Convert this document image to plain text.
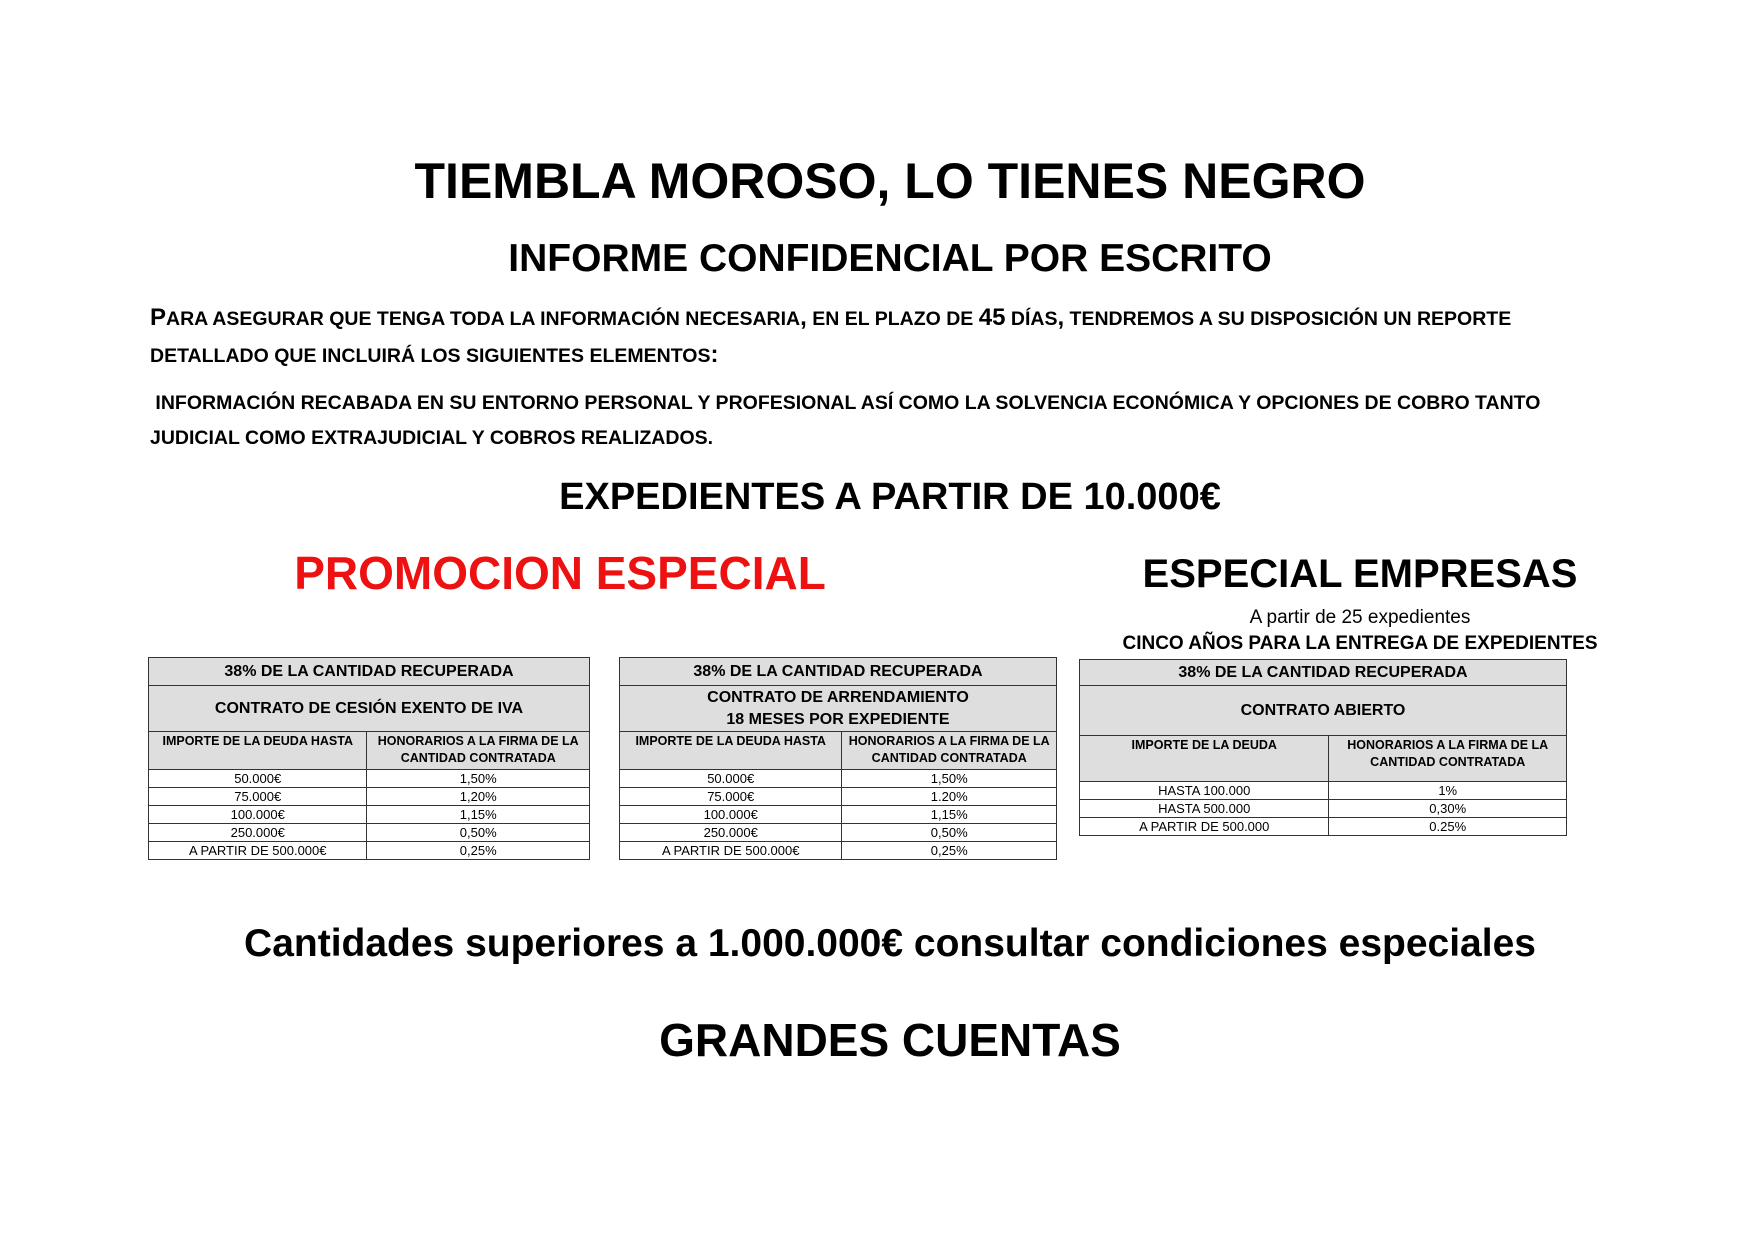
TIEMBLA MOROSO, LO TIENES NEGRO
INFORME CONFIDENCIAL POR ESCRITO
PARA ASEGURAR QUE TENGA TODA LA INFORMACIÓN NECESARIA, EN EL PLAZO DE 45 DÍAS, TENDREMOS A SU DISPOSICIÓN UN REPORTE DETALLADO QUE INCLUIRÁ LOS SIGUIENTES ELEMENTOS:
INFORMACIÓN RECABADA EN SU ENTORNO PERSONAL Y PROFESIONAL ASÍ COMO LA SOLVENCIA ECONÓMICA Y OPCIONES DE COBRO TANTO JUDICIAL COMO EXTRAJUDICIAL Y COBROS REALIZADOS.
EXPEDIENTES A PARTIR DE 10.000€
PROMOCION ESPECIAL	ESPECIAL EMPRESAS
A partir de 25 expedientes
CINCO AÑOS PARA LA ENTREGA DE EXPEDIENTES
38% DE LA CANTIDAD RECUPERADA	
CONTRATO DE CESIÓN EXENTO DE IVA	
IMPORTE DE LA DEUDA HASTA	HONORARIOS A LA FIRMA DE LA CANTIDAD CONTRATADA
50.000€	1,50%
75.000€	1,20%
100.000€	1,15%
250.000€	0,50%
A PARTIR DE 500.000€	0,25%
38% DE LA CANTIDAD RECUPERADA	
CONTRATO DE ARRENDAMIENTO
18 MESES POR EXPEDIENTE	
IMPORTE DE LA DEUDA HASTA	HONORARIOS A LA FIRMA DE LA CANTIDAD CONTRATADA
50.000€	1,50%
75.000€	1.20%
100.000€	1,15%
250.000€	0,50%
A PARTIR DE 500.000€	0,25%
38% DE LA CANTIDAD RECUPERADA	
CONTRATO ABIERTO	
IMPORTE DE LA DEUDA	HONORARIOS A LA FIRMA DE LA CANTIDAD CONTRATADA
HASTA 100.000	1%
HASTA 500.000	0,30%
A PARTIR DE 500.000	0.25%
Cantidades superiores a 1.000.000€ consultar condiciones especiales
GRANDES CUENTAS
